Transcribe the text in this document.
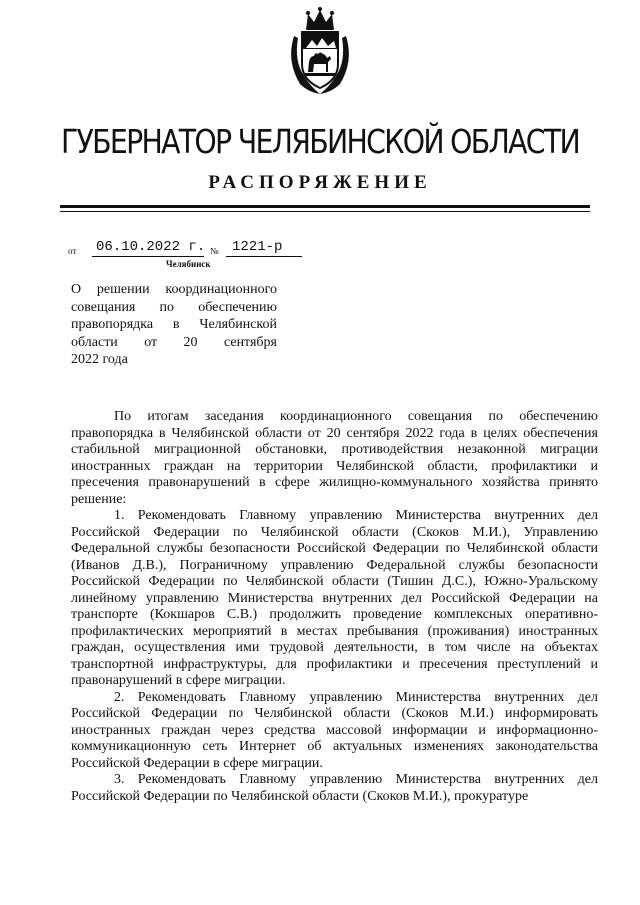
ГУБЕРНАТОР ЧЕЛЯБИНСКОЙ ОБЛАСТИ
РАСПОРЯЖЕНИЕ
от 06.10.2022 г. № 1221-р
Челябинск
О решении координационного
совещания по обеспечению
правопорядка в Челябинской
области от 20 сентября
2022 года

По итогам заседания координационного совещания по обеспечению правопорядка в Челябинской области от 20 сентября 2022 года в целях обеспечения стабильной миграционной обстановки, противодействия незаконной миграции иностранных граждан на территории Челябинской области, профилактики и пресечения правонарушений в сфере жилищно-коммунального хозяйства принято решение:

1. Рекомендовать Главному управлению Министерства внутренних дел Российской Федерации по Челябинской области (Скоков М.И.), Управлению Федеральной службы безопасности Российской Федерации по Челябинской области (Иванов Д.В.), Пограничному управлению Федеральной службы безопасности Российской Федерации по Челябинской области (Тишин Д.С.), Южно-Уральскому линейному управлению Министерства внутренних дел Российской Федерации на транспорте (Кокшаров С.В.) продолжить проведение комплексных оперативно-профилактических мероприятий в местах пребывания (проживания) иностранных граждан, осуществления ими трудовой деятельности, в том числе на объектах транспортной инфраструктуры, для профилактики и пресечения преступлений и правонарушений в сфере миграции.

2. Рекомендовать Главному управлению Министерства внутренних дел Российской Федерации по Челябинской области (Скоков М.И.) информировать иностранных граждан через средства массовой информации и информационно-коммуникационную сеть Интернет об актуальных изменениях законодательства Российской Федерации в сфере миграции.

3. Рекомендовать Главному управлению Министерства внутренних дел Российской Федерации по Челябинской области (Скоков М.И.), прокуратуре
